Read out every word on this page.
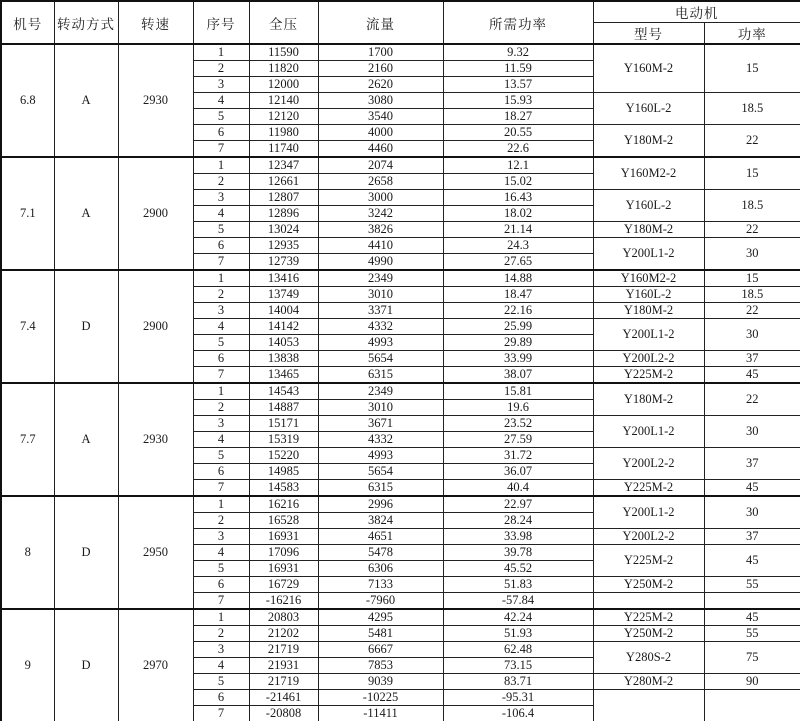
机号	转动方式	转速	序号	全压	流量	所需功率	电动机	
							型号	功率
6.8	A	2930	1	11590	1700	9.32	Y160M-2	15
			2	11820	2160	11.59		
			3	12000	2620	13.57		
			4	12140	3080	15.93	Y160L-2	18.5
			5	12120	3540	18.27		
			6	11980	4000	20.55	Y180M-2	22
			7	11740	4460	22.6		
7.1	A	2900	1	12347	2074	12.1	Y160M2-2	15
			2	12661	2658	15.02		
			3	12807	3000	16.43	Y160L-2	18.5
			4	12896	3242	18.02		
			5	13024	3826	21.14	Y180M-2	22
			6	12935	4410	24.3	Y200L1-2	30
			7	12739	4990	27.65		
7.4	D	2900	1	13416	2349	14.88	Y160M2-2	15
			2	13749	3010	18.47	Y160L-2	18.5
			3	14004	3371	22.16	Y180M-2	22
			4	14142	4332	25.99	Y200L1-2	30
			5	14053	4993	29.89		
			6	13838	5654	33.99	Y200L2-2	37
			7	13465	6315	38.07	Y225M-2	45
7.7	A	2930	1	14543	2349	15.81	Y180M-2	22
			2	14887	3010	19.6		
			3	15171	3671	23.52	Y200L1-2	30
			4	15319	4332	27.59		
			5	15220	4993	31.72	Y200L2-2	37
			6	14985	5654	36.07		
			7	14583	6315	40.4	Y225M-2	45
8	D	2950	1	16216	2996	22.97	Y200L1-2	30
			2	16528	3824	28.24		
			3	16931	4651	33.98	Y200L2-2	37
			4	17096	5478	39.78	Y225M-2	45
			5	16931	6306	45.52		
			6	16729	7133	51.83	Y250M-2	55
			7	-16216	-7960	-57.84		
9	D	2970	1	20803	4295	42.24	Y225M-2	45
			2	21202	5481	51.93	Y250M-2	55
			3	21719	6667	62.48	Y280S-2	75
			4	21931	7853	73.15		
			5	21719	9039	83.71	Y280M-2	90
			6	-21461	-10225	-95.31		
			7	-20808	-11411	-106.4		
